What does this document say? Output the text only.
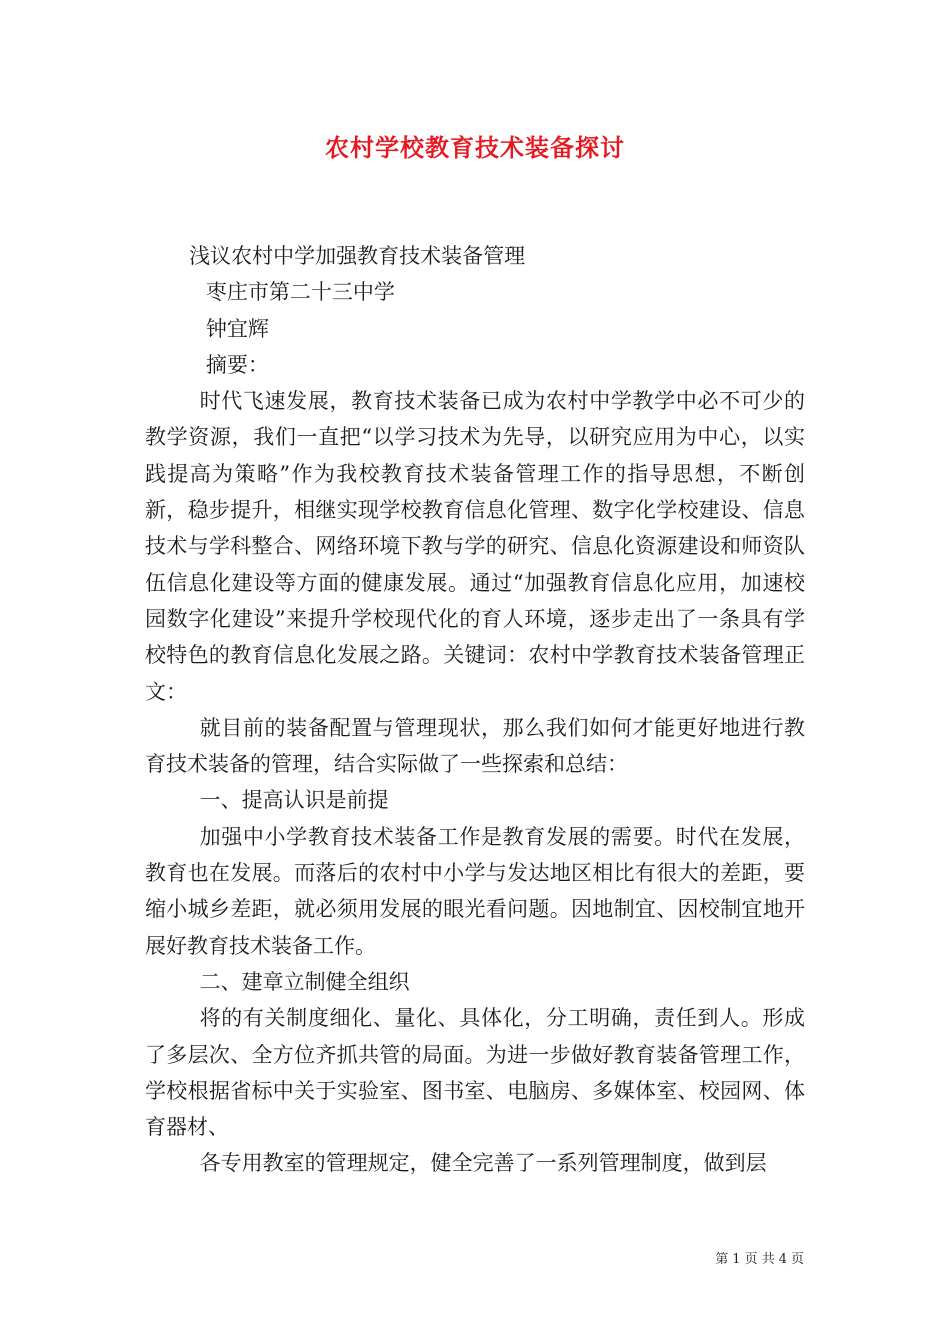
农村学校教育技术装备探讨

浅议农村中学加强教育技术装备管理

枣庄市第二十三中学

钟宜辉

摘要：

时代飞速发展，教育技术装备已成为农村中学教学中必不可少的教学资源，我们一直把“以学习技术为先导，以研究应用为中心，以实践提高为策略”作为我校教育技术装备管理工作的指导思想，不断创新，稳步提升，相继实现学校教育信息化管理、数字化学校建设、信息技术与学科整合、网络环境下教与学的研究、信息化资源建设和师资队伍信息化建设等方面的健康发展。通过“加强教育信息化应用，加速校园数字化建设”来提升学校现代化的育人环境，逐步走出了一条具有学校特色的教育信息化发展之路。关键词：农村中学教育技术装备管理正文：

就目前的装备配置与管理现状，那么我们如何才能更好地进行教育技术装备的管理，结合实际做了一些探索和总结：

一、提高认识是前提

加强中小学教育技术装备工作是教育发展的需要。时代在发展，教育也在发展。而落后的农村中小学与发达地区相比有很大的差距，要缩小城乡差距，就必须用发展的眼光看问题。因地制宜、因校制宜地开展好教育技术装备工作。

二、建章立制健全组织

将的有关制度细化、量化、具体化，分工明确，责任到人。形成了多层次、全方位齐抓共管的局面。为进一步做好教育装备管理工作，学校根据省标中关于实验室、图书室、电脑房、多媒体室、校园网、体育器材、

各专用教室的管理规定，健全完善了一系列管理制度，做到层

第 1 页 共 4 页
